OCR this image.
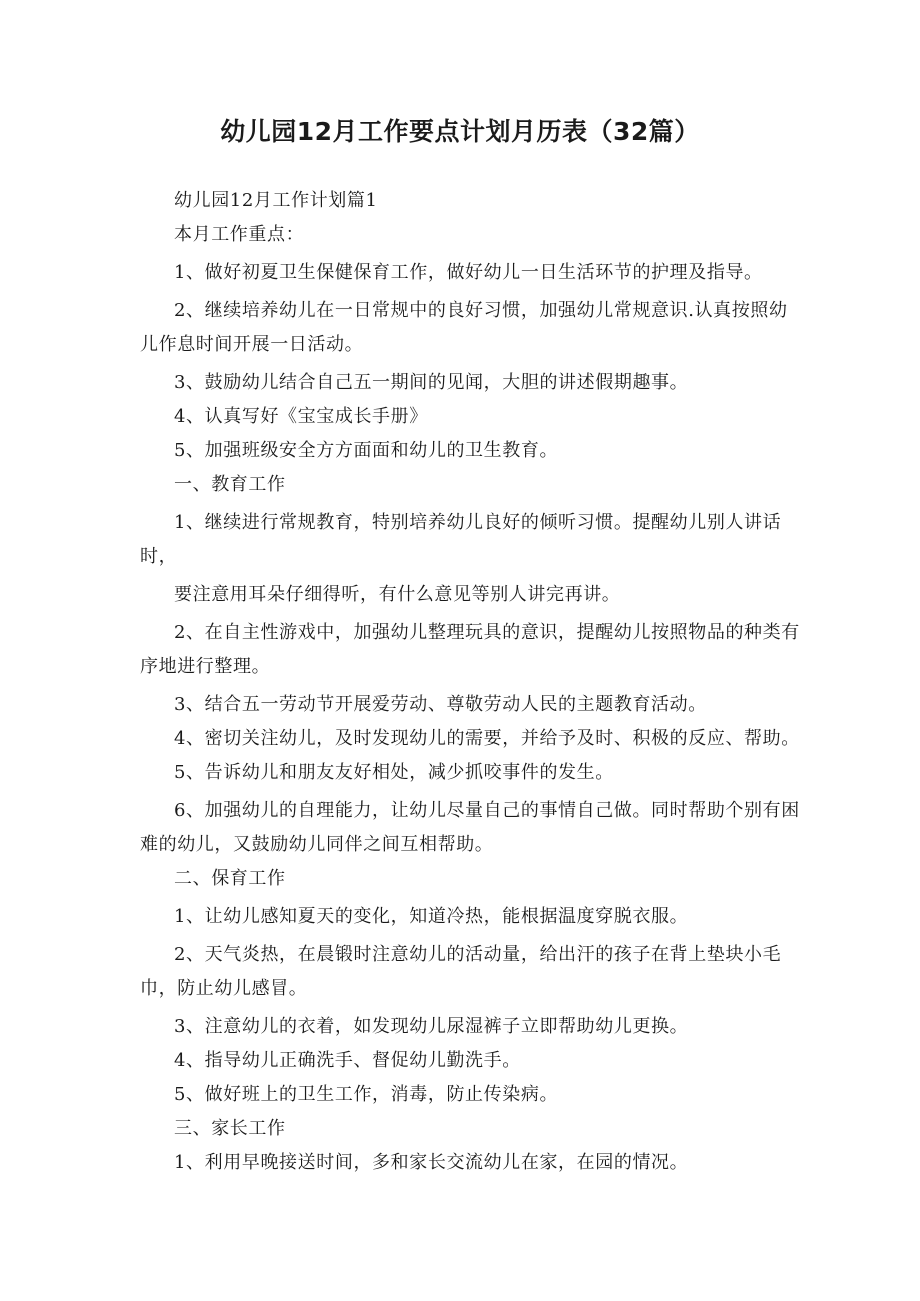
幼儿园12月工作要点计划月历表（32篇）

幼儿园12月工作计划篇1

本月工作重点：

1、做好初夏卫生保健保育工作，做好幼儿一日生活环节的护理及指导。

2、继续培养幼儿在一日常规中的良好习惯，加强幼儿常规意识.认真按照幼儿作息时间开展一日活动。

3、鼓励幼儿结合自己五一期间的见闻，大胆的讲述假期趣事。

4、认真写好《宝宝成长手册》

5、加强班级安全方方面面和幼儿的卫生教育。

一、教育工作

1、继续进行常规教育，特别培养幼儿良好的倾听习惯。提醒幼儿别人讲话时，

要注意用耳朵仔细得听，有什么意见等别人讲完再讲。

2、在自主性游戏中，加强幼儿整理玩具的意识，提醒幼儿按照物品的种类有序地进行整理。

3、结合五一劳动节开展爱劳动、尊敬劳动人民的主题教育活动。

4、密切关注幼儿，及时发现幼儿的需要，并给予及时、积极的反应、帮助。

5、告诉幼儿和朋友友好相处，减少抓咬事件的发生。

6、加强幼儿的自理能力，让幼儿尽量自己的事情自己做。同时帮助个别有困难的幼儿，又鼓励幼儿同伴之间互相帮助。

二、保育工作

1、让幼儿感知夏天的变化，知道冷热，能根据温度穿脱衣服。

2、天气炎热，在晨锻时注意幼儿的活动量，给出汗的孩子在背上垫块小毛巾，防止幼儿感冒。

3、注意幼儿的衣着，如发现幼儿尿湿裤子立即帮助幼儿更换。

4、指导幼儿正确洗手、督促幼儿勤洗手。

5、做好班上的卫生工作，消毒，防止传染病。

三、家长工作

1、利用早晚接送时间，多和家长交流幼儿在家，在园的情况。
